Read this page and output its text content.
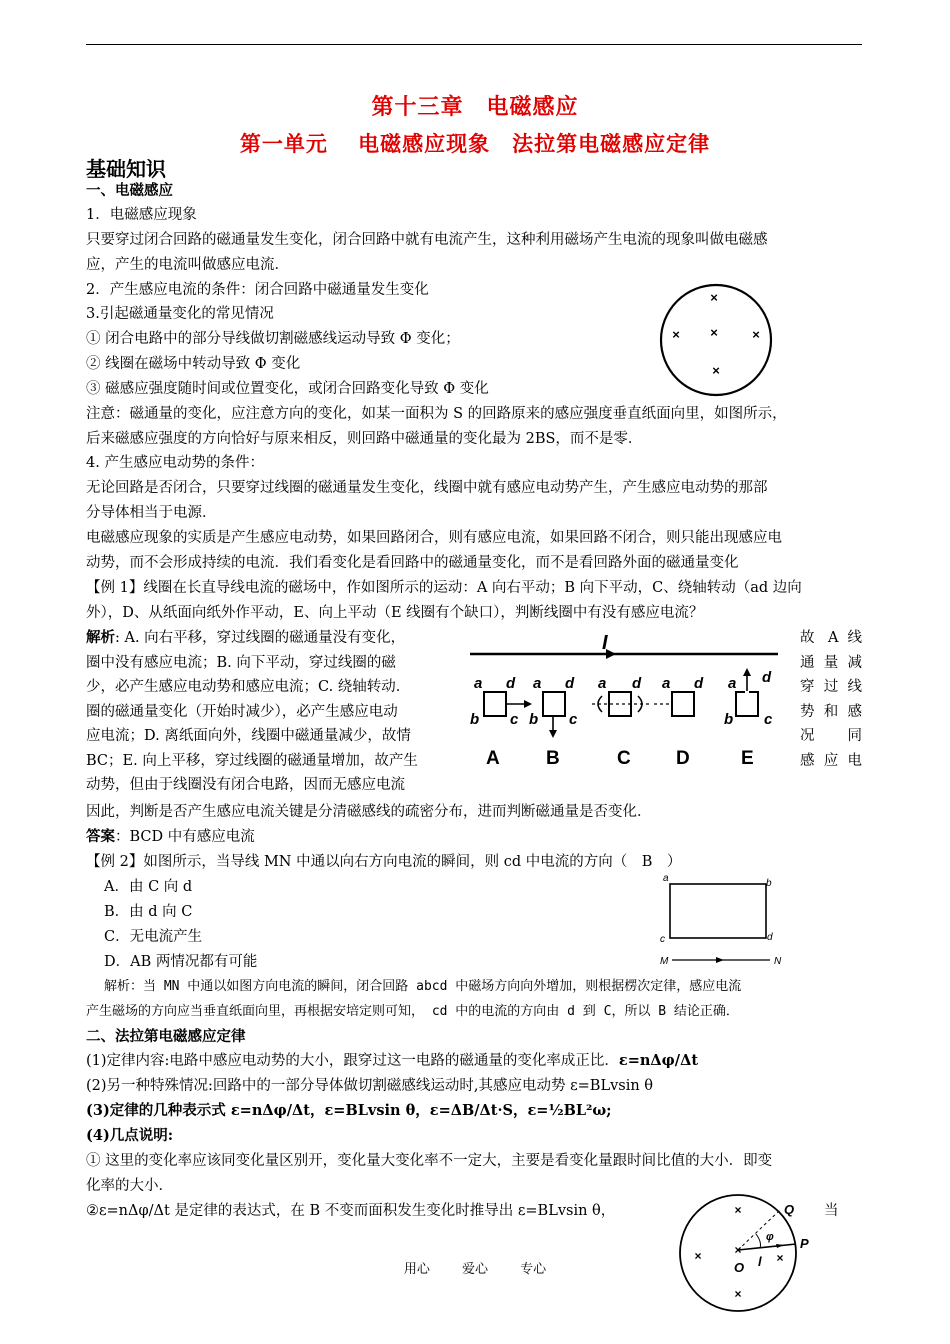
第十三章　电磁感应
第一单元　 电磁感应现象　法拉第电磁感应定律
基础知识
一、电磁感应
1．电磁感应现象
只要穿过闭合回路的磁通量发生变化，闭合回路中就有电流产生，这种利用磁场产生电流的现象叫做电磁感
应，产生的电流叫做感应电流．
2．产生感应电流的条件：闭合回路中磁通量发生变化
3.引起磁通量变化的常见情况
① 闭合电路中的部分导线做切割磁感线运动导致 Φ 变化；
② 线圈在磁场中转动导致 Φ 变化
③ 磁感应强度随时间或位置变化，或闭合回路变化导致 Φ 变化
×
× ×	×
×
注意：磁通量的变化，应注意方向的变化，如某一面积为 S 的回路原来的感应强度垂直纸面向里，如图所示，
后来磁感应强度的方向恰好与原来相反，则回路中磁通量的变化最为 2BS，而不是零．
4. 产生感应电动势的条件：
无论回路是否闭合，只要穿过线圈的磁通量发生变化，线圈中就有感应电动势产生，产生感应电动势的那部
分导体相当于电源．
电磁感应现象的实质是产生感应电动势，如果回路闭合，则有感应电流，如果回路不闭合，则只能出现感应电
动势，而不会形成持续的电流．我们看变化是看回路中的磁通量变化，而不是看回路外面的磁通量变化
【例 1】线圈在长直导线电流的磁场中，作如图所示的运动：A 向右平动；B 向下平动，C、绕轴转动（ad 边向
外），D、从纸面向纸外作平动，E、向上平动（E 线圈有个缺口），判断线圈中有没有感应电流？
解析: A. 向右平移，穿过线圈的磁通量没有变化，
圈中没有感应电流；B. 向下平动，穿过线圈的磁
少，必产生感应电动势和感应电流；C. 绕轴转动．
圈的磁通量变化（开始时减少），必产生感应电动
应电流；D. 离纸面向外，线圈中磁通量减少，故情
BC；E. 向上平移，穿过线圈的磁通量增加，故产生
动势，但由于线圈没有闭合电路，因而无感应电流
故 A 线
通 量 减
穿 过 线
势 和 感
况　　同
感 应 电
I
a d
b c
a d
b c
a d a d a d
b c
A B	C D	E
因此，判断是否产生感应电流关键是分清磁感线的疏密分布，进而判断磁通量是否变化．
答案：BCD 中有感应电流
【例 2】如图所示，当导线 MN 中通以向右方向电流的瞬间，则 cd 中电流的方向（　B　）
A．由 C 向 d
B．由 d 向 C
C．无电流产生
D．AB 两情况都有可能
a	b
c	d
M	N
解析：当 MN 中通以如图方向电流的瞬间，闭合回路 abcd 中磁场方向向外增加，则根据楞次定律，感应电流
产生磁场的方向应当垂直纸面向里，再根据安培定则可知， cd 中的电流的方向由 d 到 C，所以 B 结论正确．
二、法拉第电磁感应定律
(1)定律内容:电路中感应电动势的大小，跟穿过这一电路的磁通量的变化率成正比．ε=nΔφ/Δt
(2)另一种特殊情况:回路中的一部分导体做切割磁感线运动时,其感应电动势 ε=BLvsin θ
(3)定律的几种表示式 ε=nΔφ/Δt，ε=BLvsin θ，ε=ΔB/Δt·S，ε=½BL²ω;
(4)几点说明:
① 这里的变化率应该同变化量区别开，变化量大变化率不一定大，主要是看变化量跟时间比值的大小．即变
化率的大小．
②ε=nΔφ/Δt 是定律的表达式，在 B 不变而面积发生变化时推导出 ε=BLvsin θ，	当
×
×	×
×
×
Q
P
O l
φ
用心 爱心 专心
